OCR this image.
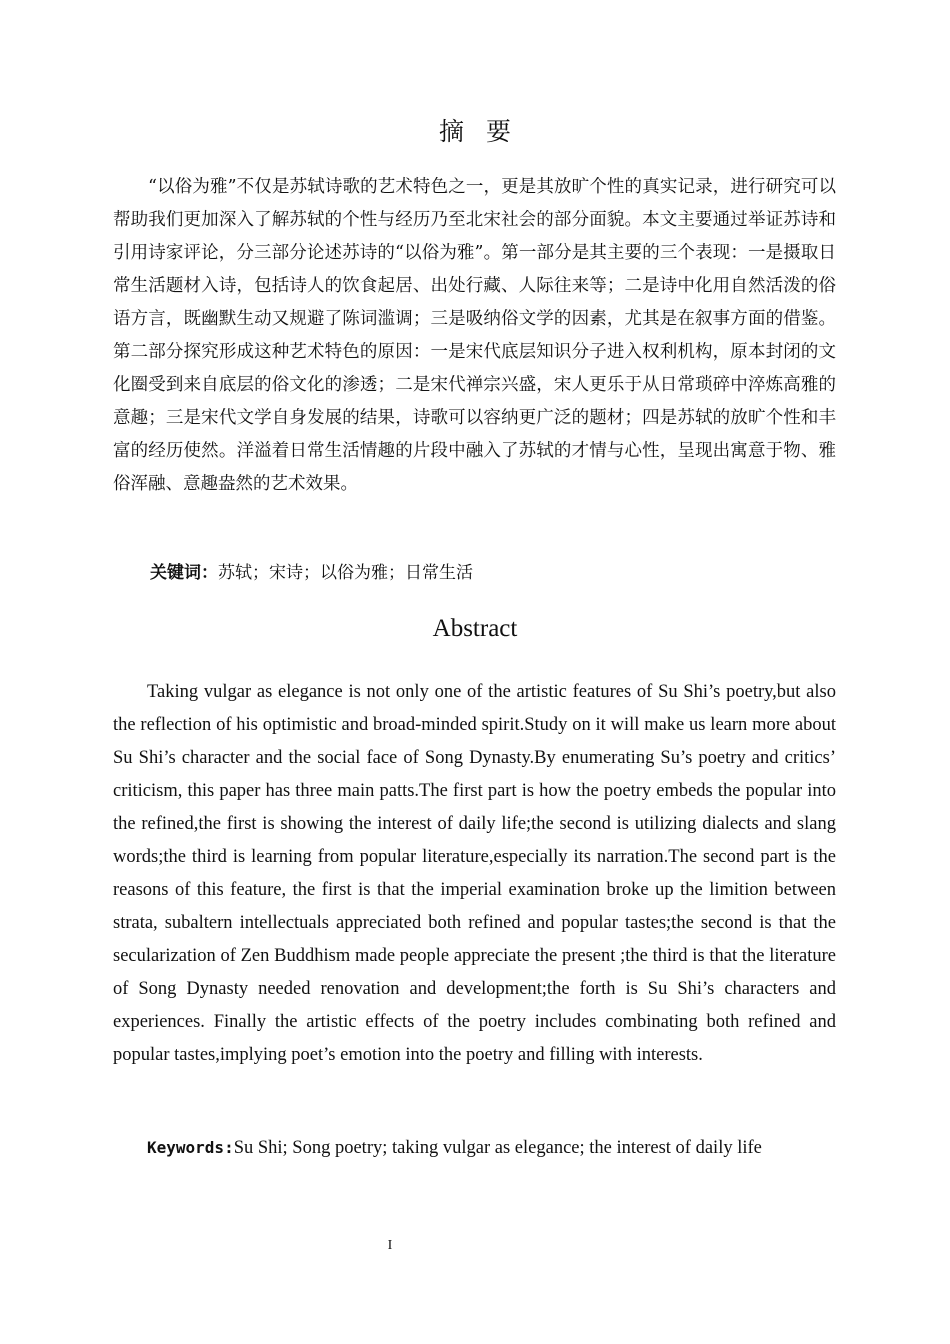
摘要

“以俗为雅”不仅是苏轼诗歌的艺术特色之一，更是其放旷个性的真实记录，进行研究可以帮助我们更加深入了解苏轼的个性与经历乃至北宋社会的部分面貌。本文主要通过举证苏诗和引用诗家评论，分三部分论述苏诗的“以俗为雅”。第一部分是其主要的三个表现：一是摄取日常生活题材入诗，包括诗人的饮食起居、出处行藏、人际往来等；二是诗中化用自然活泼的俗语方言，既幽默生动又规避了陈词滥调；三是吸纳俗文学的因素，尤其是在叙事方面的借鉴。第二部分探究形成这种艺术特色的原因：一是宋代底层知识分子进入权利机构，原本封闭的文化圈受到来自底层的俗文化的渗透；二是宋代禅宗兴盛，宋人更乐于从日常琐碎中淬炼高雅的意趣；三是宋代文学自身发展的结果，诗歌可以容纳更广泛的题材；四是苏轼的放旷个性和丰富的经历使然。洋溢着日常生活情趣的片段中融入了苏轼的才情与心性，呈现出寓意于物、雅俗浑融、意趣盎然的艺术效果。

关键词：苏轼；宋诗；以俗为雅；日常生活
Abstract

Taking vulgar as elegance is not only one of the artistic features of Su Shi’s poetry,but also the reflection of his optimistic and broad-minded spirit.Study on it will make us learn more about Su Shi’s character and the social face of Song Dynasty.By enumerating Su’s poetry and critics’ criticism, this paper has three main patts.The first part is how the poetry embeds the popular into the refined,the first is showing the interest of daily life;the second is utilizing dialects and slang words;the third is learning from popular literature,especially its narration.The second part is the reasons of this feature, the first is that the imperial examination broke up the limition between strata, subaltern intellectuals appreciated both refined and popular tastes;the second is that the secularization of Zen Buddhism made people appreciate the present ;the third is that the literature of Song Dynasty needed renovation and development;the forth is Su Shi’s characters and experiences. Finally the artistic effects of the poetry includes combinating both refined and popular tastes,implying poet’s emotion into the poetry and filling with interests.

Keywords:Su Shi; Song poetry; taking vulgar as elegance; the interest of daily life
I
